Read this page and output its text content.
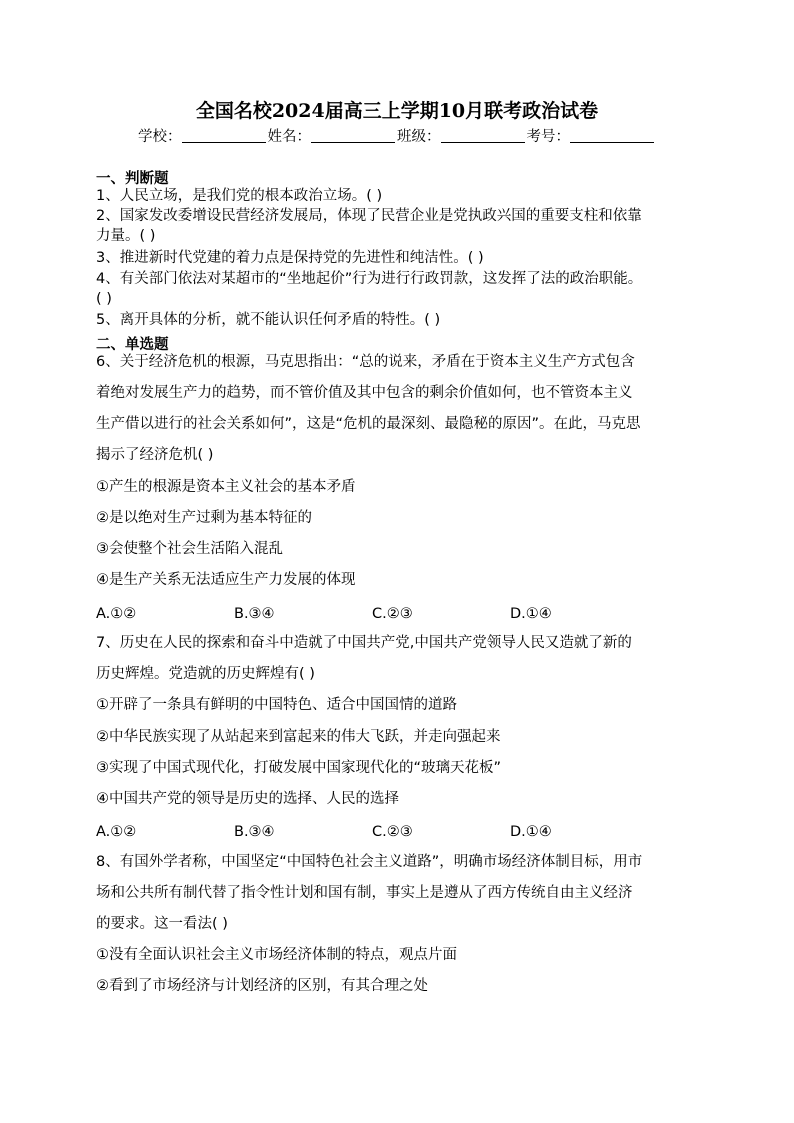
全国名校2024届高三上学期10月联考政治试卷
学校：	姓名：	班级：	考号：
一、判断题
1、人民立场，是我们党的根本政治立场。( )
2、国家发改委增设民营经济发展局，体现了民营企业是党执政兴国的重要支柱和依靠
力量。( )
3、推进新时代党建的着力点是保持党的先进性和纯洁性。( )
4、有关部门依法对某超市的“坐地起价”行为进行行政罚款，这发挥了法的政治职能。
( )
5、离开具体的分析，就不能认识任何矛盾的特性。( )
二、单选题
6、关于经济危机的根源，马克思指出：“总的说来，矛盾在于资本主义生产方式包含
着绝对发展生产力的趋势，而不管价值及其中包含的剩余价值如何，也不管资本主义
生产借以进行的社会关系如何”，这是“危机的最深刻、最隐秘的原因”。在此，马克思
揭示了经济危机( )
①产生的根源是资本主义社会的基本矛盾
②是以绝对生产过剩为基本特征的
③会使整个社会生活陷入混乱
④是生产关系无法适应生产力发展的体现
A.①②	B.③④	C.②③	D.①④
7、历史在人民的探索和奋斗中造就了中国共产党,中国共产党领导人民又造就了新的
历史辉煌。党造就的历史辉煌有( )
①开辟了一条具有鲜明的中国特色、适合中国国情的道路
②中华民族实现了从站起来到富起来的伟大飞跃，并走向强起来
③实现了中国式现代化，打破发展中国家现代化的“玻璃天花板”
④中国共产党的领导是历史的选择、人民的选择
A.①②	B.③④	C.②③	D.①④
8、有国外学者称，中国坚定“中国特色社会主义道路”，明确市场经济体制目标，用市
场和公共所有制代替了指令性计划和国有制，事实上是遵从了西方传统自由主义经济
的要求。这一看法( )
①没有全面认识社会主义市场经济体制的特点，观点片面
②看到了市场经济与计划经济的区别，有其合理之处
